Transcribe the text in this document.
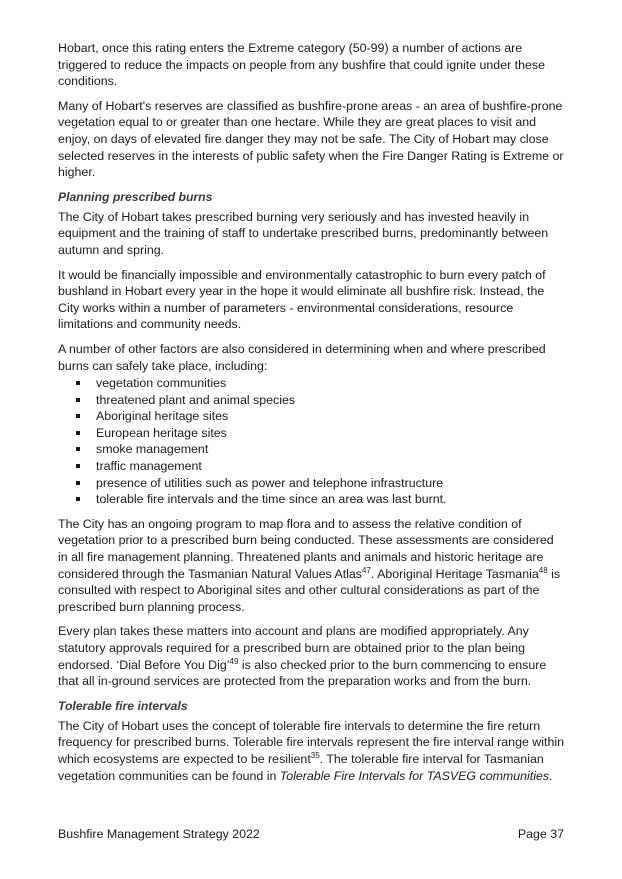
Hobart, once this rating enters the Extreme category (50-99) a number of actions are triggered to reduce the impacts on people from any bushfire that could ignite under these conditions.

Many of Hobart's reserves are classified as bushfire-prone areas - an area of bushfire-prone vegetation equal to or greater than one hectare. While they are great places to visit and enjoy, on days of elevated fire danger they may not be safe. The City of Hobart may close selected reserves in the interests of public safety when the Fire Danger Rating is Extreme or higher.

Planning prescribed burns

The City of Hobart takes prescribed burning very seriously and has invested heavily in equipment and the training of staff to undertake prescribed burns, predominantly between autumn and spring.

It would be financially impossible and environmentally catastrophic to burn every patch of bushland in Hobart every year in the hope it would eliminate all bushfire risk. Instead, the City works within a number of parameters - environmental considerations, resource limitations and community needs.

A number of other factors are also considered in determining when and where prescribed burns can safely take place, including:

vegetation communities
threatened plant and animal species
Aboriginal heritage sites
European heritage sites
smoke management
traffic management
presence of utilities such as power and telephone infrastructure
tolerable fire intervals and the time since an area was last burnt.

The City has an ongoing program to map flora and to assess the relative condition of vegetation prior to a prescribed burn being conducted. These assessments are considered in all fire management planning. Threatened plants and animals and historic heritage are considered through the Tasmanian Natural Values Atlas$^{47}$. Aboriginal Heritage Tasmania$^{48}$ is consulted with respect to Aboriginal sites and other cultural considerations as part of the prescribed burn planning process.

Every plan takes these matters into account and plans are modified appropriately. Any statutory approvals required for a prescribed burn are obtained prior to the plan being endorsed. ‘Dial Before You Dig’$^{49}$ is also checked prior to the burn commencing to ensure that all in-ground services are protected from the preparation works and from the burn.

Tolerable fire intervals

The City of Hobart uses the concept of tolerable fire intervals to determine the fire return frequency for prescribed burns. Tolerable fire intervals represent the fire interval range within which ecosystems are expected to be resilient$^{35}$. The tolerable fire interval for Tasmanian vegetation communities can be found in Tolerable Fire Intervals for TASVEG communities.

Bushfire Management Strategy 2022	Page 37
